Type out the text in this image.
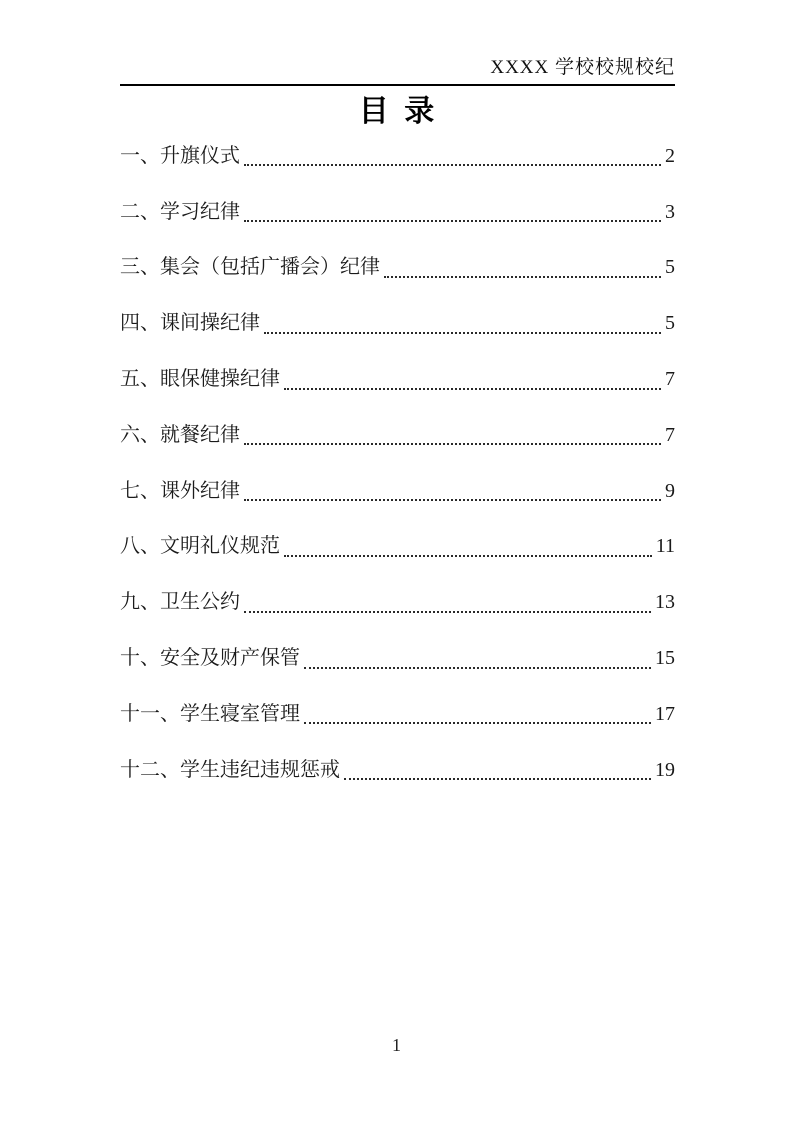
XXXX 学校校规校纪
目 录
一、升旗仪式	2
二、学习纪律	3
三、集会（包括广播会）纪律	5
四、课间操纪律	5
五、眼保健操纪律	7
六、就餐纪律	7
七、课外纪律	9
八、文明礼仪规范	11
九、卫生公约	13
十、安全及财产保管	15
十一、学生寝室管理	17
十二、学生违纪违规惩戒	19
1
